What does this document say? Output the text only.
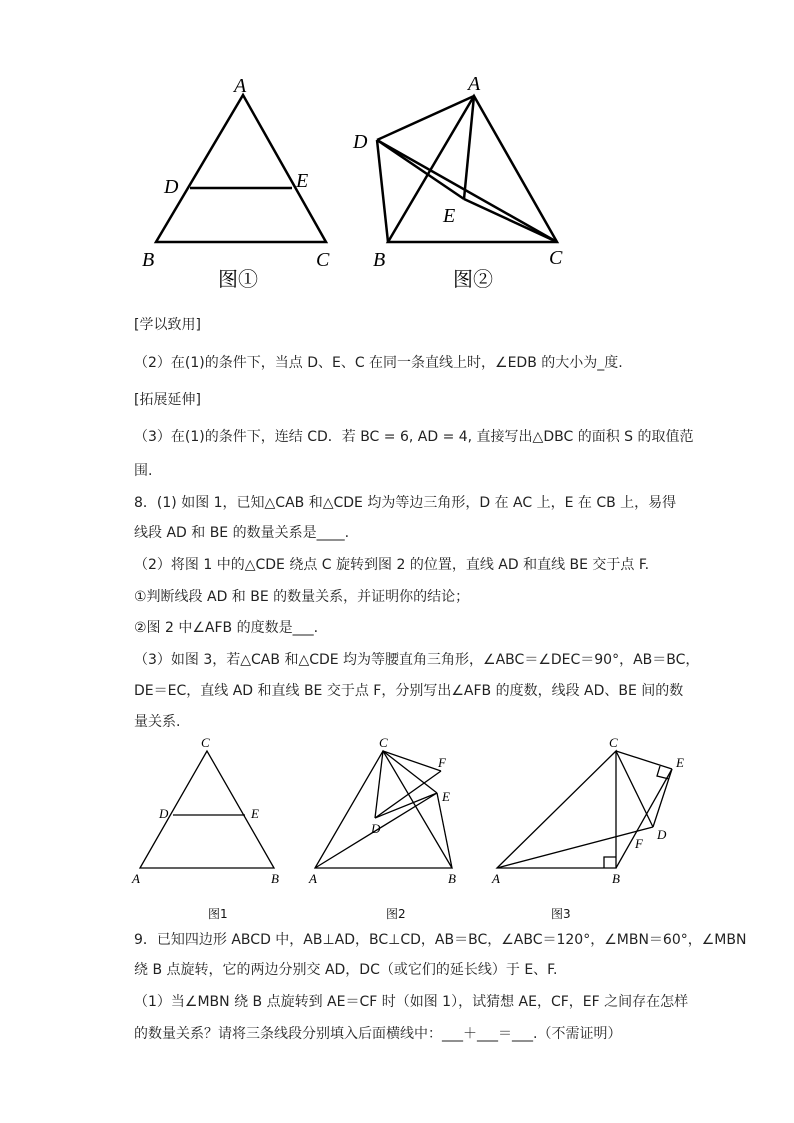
A
D	E
B	C
图①
A
D
E
B	C
图②
[学以致用]
（2）在(1)的条件下，当点 D、E、C 在同一条直线上时，∠EDB 的大小为_度.
[拓展延伸]
（3）在(1)的条件下，连结 CD．若 BC = 6, AD = 4, 直接写出△DBC 的面积 S 的取值范
围.
8．(1) 如图 1，已知△CAB 和△CDE 均为等边三角形，D 在 AC 上，E 在 CB 上，易得
线段 AD 和 BE 的数量关系是____.
（2）将图 1 中的△CDE 绕点 C 旋转到图 2 的位置，直线 AD 和直线 BE 交于点 F.
①判断线段 AD 和 BE 的数量关系，并证明你的结论；
②图 2 中∠AFB 的度数是___.
（3）如图 3，若△CAB 和△CDE 均为等腰直角三角形，∠ABC＝∠DEC＝90°，AB＝BC，
DE＝EC，直线 AD 和直线 BE 交于点 F，分别写出∠AFB 的度数，线段 AD、BE 间的数
量关系.
C
D	E
A	B
C
F
E
D
A	B
C
E
D
F
A	B
图1	图2	图3
9．已知四边形 ABCD 中，AB⊥AD，BC⊥CD，AB＝BC，∠ABC＝120°，∠MBN＝60°，∠MBN
绕 B 点旋转，它的两边分别交 AD，DC（或它们的延长线）于 E、F.
（1）当∠MBN 绕 B 点旋转到 AE＝CF 时（如图 1），试猜想 AE，CF，EF 之间存在怎样
的数量关系？请将三条线段分别填入后面横线中：___＋___＝___.（不需证明）
